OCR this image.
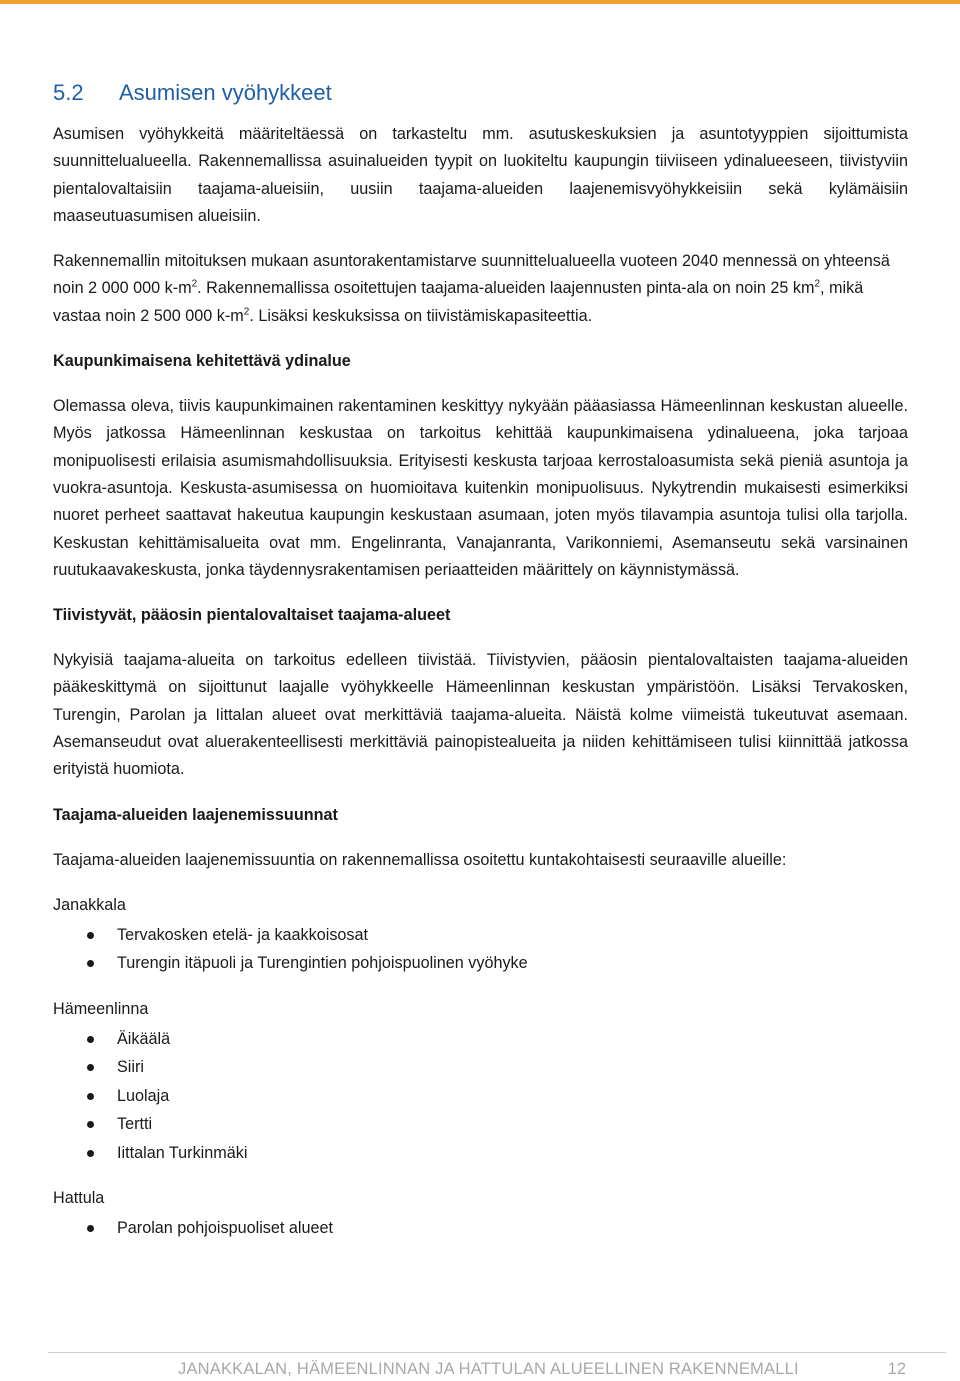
5.2 Asumisen vyöhykkeet

Asumisen vyöhykkeitä määriteltäessä on tarkasteltu mm. asutuskeskuksien ja asuntotyyppien sijoittumista suunnittelualueella. Rakennemallissa asuinalueiden tyypit on luokiteltu kaupungin tiiviiseen ydinalueeseen, tiivistyviin pientalovaltaisiin taajama-alueisiin, uusiin taajama-alueiden laajenemisvyöhykkeisiin sekä kylämäisiin maaseutuasumisen alueisiin.

Rakennemallin mitoituksen mukaan asuntorakentamistarve suunnittelualueella vuoteen 2040 mennessä on yhteensä noin 2 000 000 $k-m^2$. Rakennemallissa osoitettujen taajama-alueiden laajennusten pinta-ala on noin 25 $km^2$, mikä vastaa noin 2 500 000 $k-m^2$. Lisäksi keskuksissa on tiivistämiskapasiteettia.

Kaupunkimaisena kehitettävä ydinalue

Olemassa oleva, tiivis kaupunkimainen rakentaminen keskittyy nykyään pääasiassa Hämeenlinnan keskustan alueelle. Myös jatkossa Hämeenlinnan keskustaa on tarkoitus kehittää kaupunkimaisena ydinalueena, joka tarjoaa monipuolisesti erilaisia asumismahdollisuuksia. Erityisesti keskusta tarjoaa kerrostaloasumista sekä pieniä asuntoja ja vuokra-asuntoja. Keskusta-asumisessa on huomioitava kuitenkin monipuolisuus. Nykytrendin mukaisesti esimerkiksi nuoret perheet saattavat hakeutua kaupungin keskustaan asumaan, joten myös tilavampia asuntoja tulisi olla tarjolla. Keskustan kehittämisalueita ovat mm. Engelinranta, Vanajanranta, Varikonniemi, Asemanseutu sekä varsinainen ruutukaavakeskusta, jonka täydennysrakentamisen periaatteiden määrittely on käynnistymässä.

Tiivistyvät, pääosin pientalovaltaiset taajama-alueet

Nykyisiä taajama-alueita on tarkoitus edelleen tiivistää. Tiivistyvien, pääosin pientalovaltaisten taajama-alueiden pääkeskittymä on sijoittunut laajalle vyöhykkeelle Hämeenlinnan keskustan ympäristöön. Lisäksi Tervakosken, Turengin, Parolan ja Iittalan alueet ovat merkittäviä taajama-alueita. Näistä kolme viimeistä tukeutuvat asemaan. Asemanseudut ovat aluerakenteellisesti merkittäviä painopistealueita ja niiden kehittämiseen tulisi kiinnittää jatkossa erityistä huomiota.

Taajama-alueiden laajenemissuunnat

Taajama-alueiden laajenemissuuntia on rakennemallissa osoitettu kuntakohtaisesti seuraaville alueille:

Janakkala
Tervakosken etelä- ja kaakkoisosat
Turengin itäpuoli ja Turengintien pohjoispuolinen vyöhyke
Hämeenlinna
Äikäälä
Siiri
Luolaja
Tertti
Iittalan Turkinmäki
Hattula
Parolan pohjoispuoliset alueet
JANAKKALAN, HÄMEENLINNAN JA HATTULAN ALUEELLINEN RAKENNEMALLI	12
